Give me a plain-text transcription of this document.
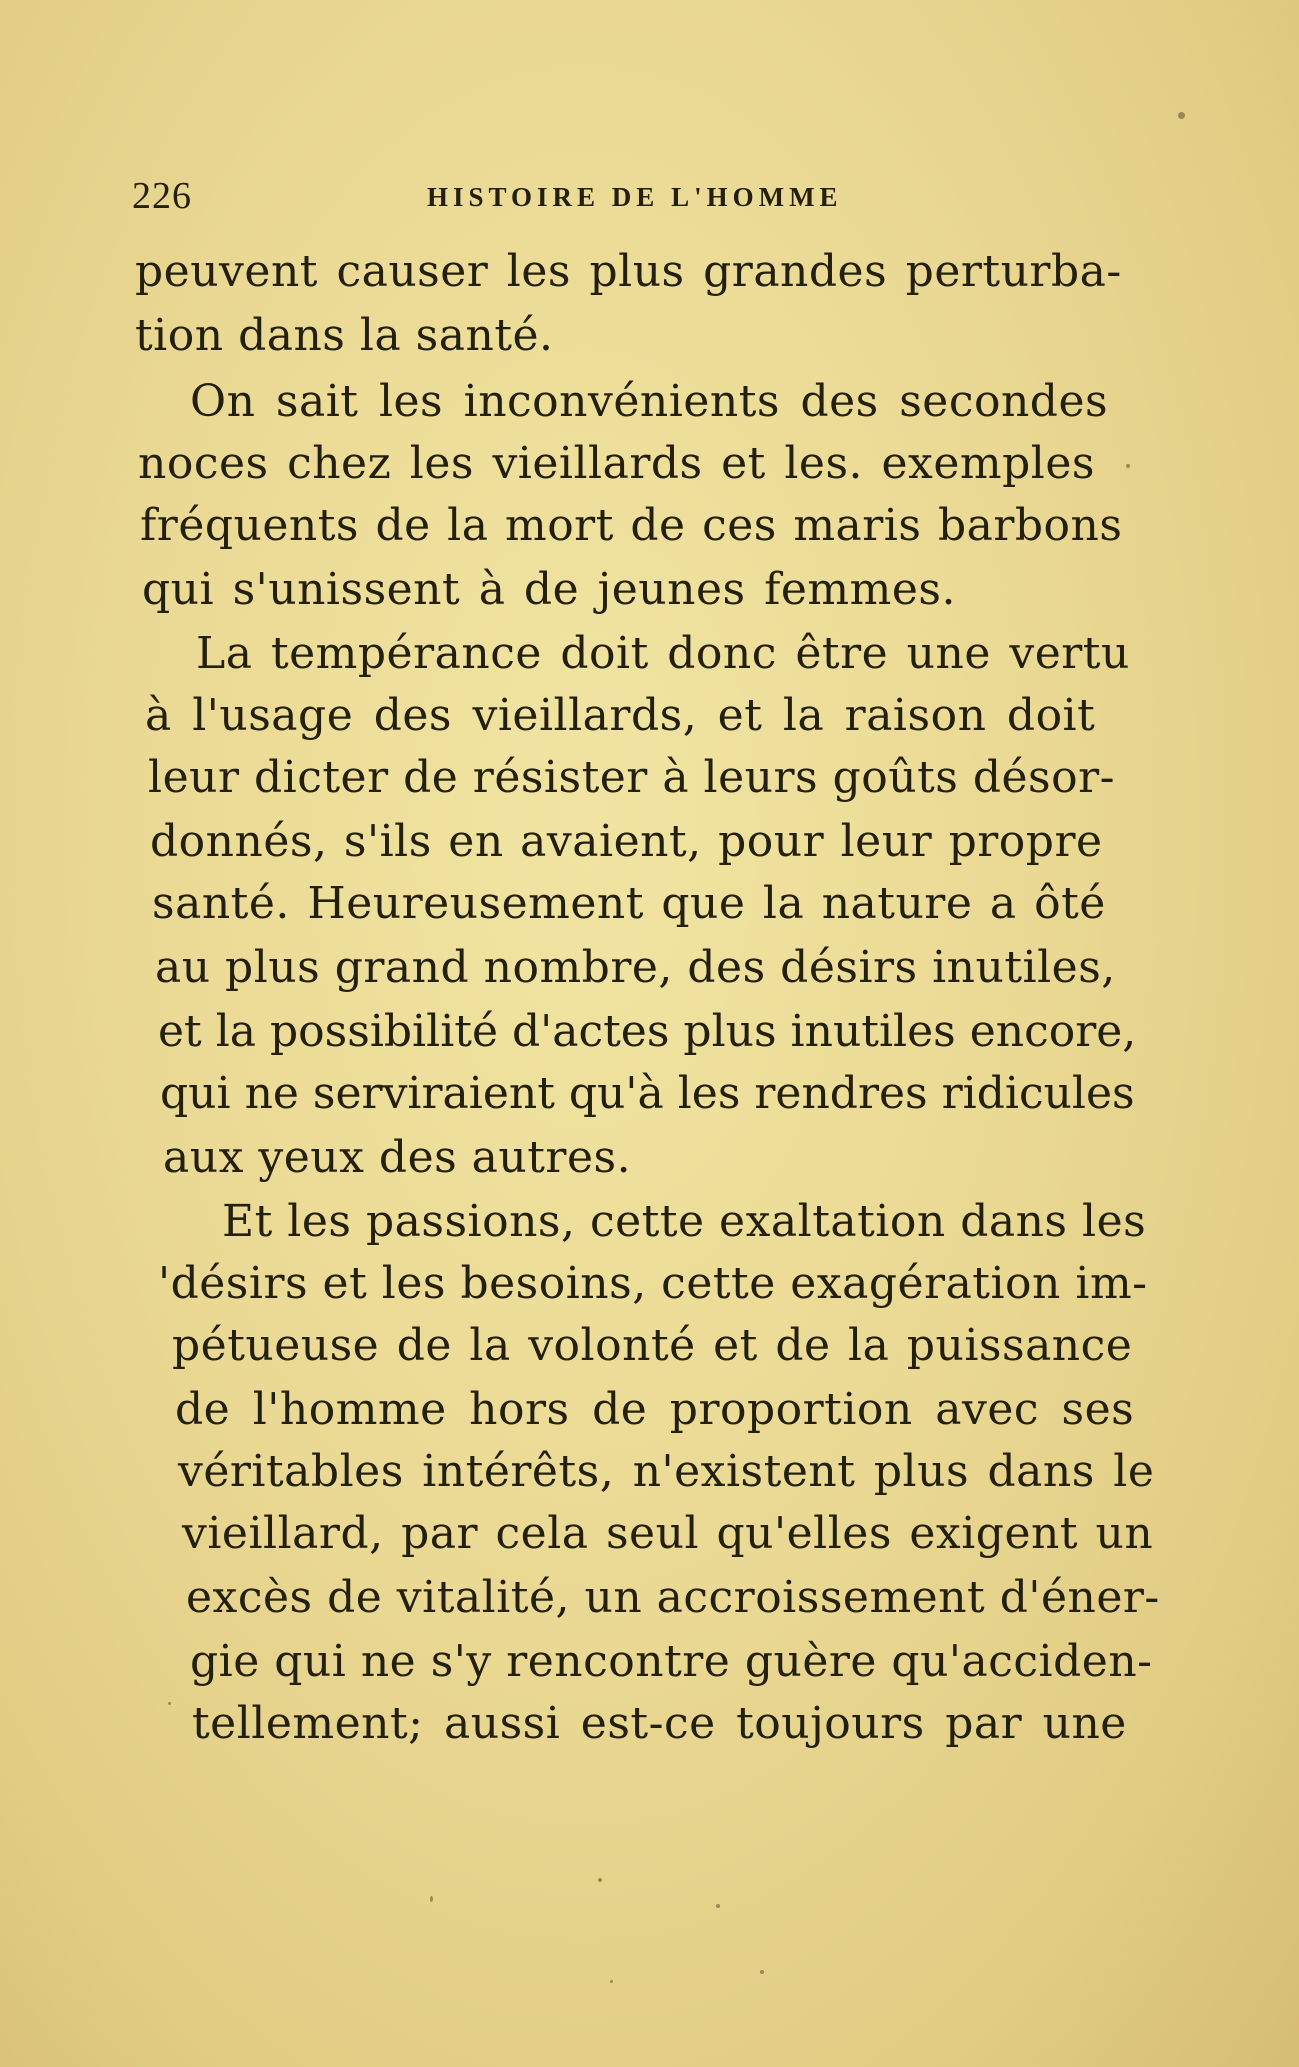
226	HISTOIRE DE L'HOMME
peuvent causer les plus grandes perturba-
tion dans la santé.
On sait les inconvénients des secondes
noces chez les vieillards et les. exemples
fréquents de la mort de ces maris barbons
qui s'unissent à de jeunes femmes.
La tempérance doit donc être une vertu
à l'usage des vieillards, et la raison doit
leur dicter de résister à leurs goûts désor-
donnés, s'ils en avaient, pour leur propre
santé. Heureusement que la nature a ôté
au plus grand nombre, des désirs inutiles,
et la possibilité d'actes plus inutiles encore,
qui ne serviraient qu'à les rendres ridicules
aux yeux des autres.
Et les passions, cette exaltation dans les
'désirs et les besoins, cette exagération im-
pétueuse de la volonté et de la puissance
de l'homme hors de proportion avec ses
véritables intérêts, n'existent plus dans le
vieillard, par cela seul qu'elles exigent un
excès de vitalité, un accroissement d'éner-
gie qui ne s'y rencontre guère qu'acciden-
tellement; aussi est-ce toujours par une
